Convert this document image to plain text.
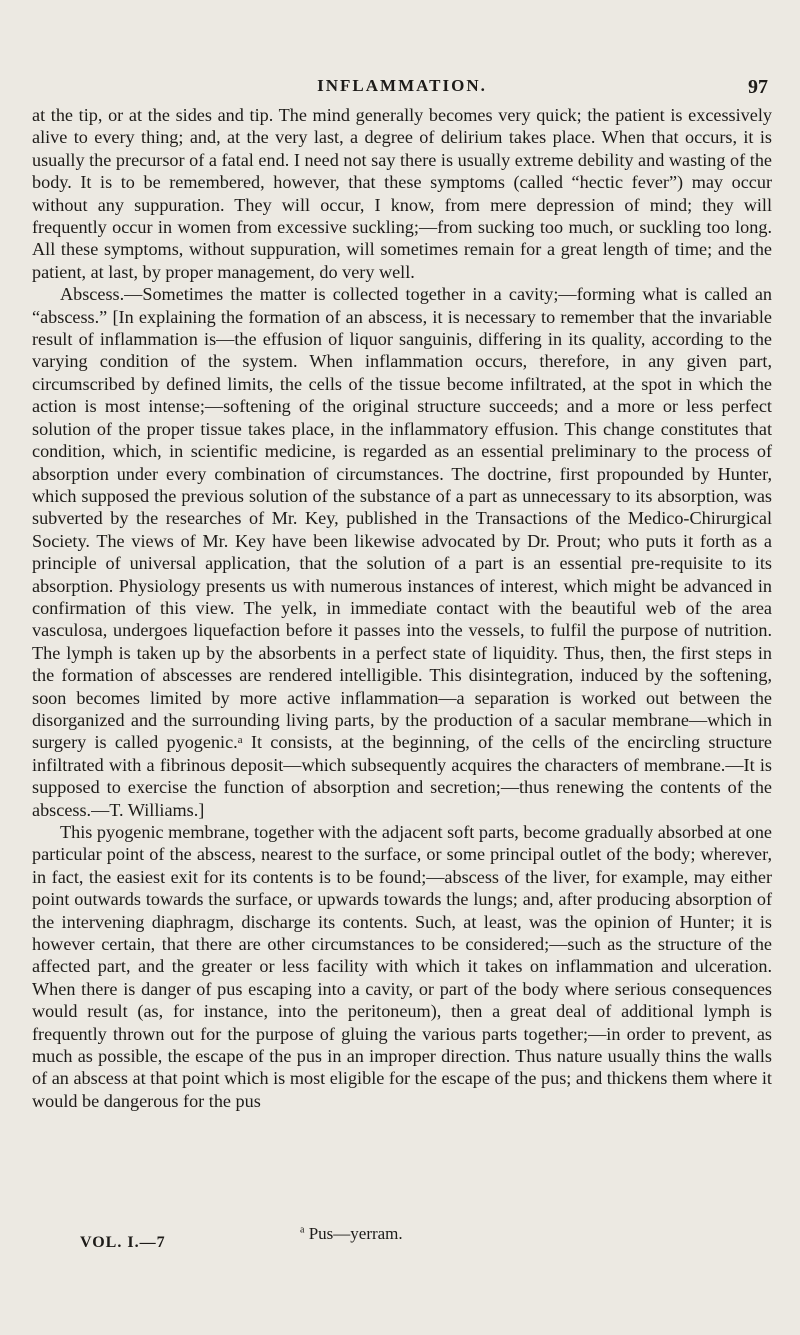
INFLAMMATION.	97

at the tip, or at the sides and tip. The mind generally becomes very quick; the patient is excessively alive to every thing; and, at the very last, a degree of delirium takes place. When that occurs, it is usually the precursor of a fatal end. I need not say there is usually extreme debility and wasting of the body. It is to be remembered, however, that these symptoms (called “hectic fever”) may occur without any suppuration. They will occur, I know, from mere depression of mind; they will frequently occur in women from excessive suckling;—from sucking too much, or suckling too long. All these symptoms, without suppuration, will sometimes remain for a great length of time; and the patient, at last, by proper management, do very well.

Abscess.—Sometimes the matter is collected together in a cavity;—forming what is called an “abscess.” [In explaining the formation of an abscess, it is necessary to remember that the invariable result of inflammation is—the effusion of liquor sanguinis, differing in its quality, according to the varying condition of the system. When inflammation occurs, therefore, in any given part, circumscribed by defined limits, the cells of the tissue become infiltrated, at the spot in which the action is most intense;—softening of the original structure succeeds; and a more or less perfect solution of the proper tissue takes place, in the inflammatory effusion. This change constitutes that condition, which, in scientific medicine, is regarded as an essential preliminary to the process of absorption under every combination of circumstances. The doctrine, first propounded by Hunter, which supposed the previous solution of the substance of a part as unnecessary to its absorption, was subverted by the researches of Mr. Key, published in the Transactions of the Medico-Chirurgical Society. The views of Mr. Key have been likewise advocated by Dr. Prout; who puts it forth as a principle of universal application, that the solution of a part is an essential pre-requisite to its absorption. Physiology presents us with numerous instances of interest, which might be advanced in confirmation of this view. The yelk, in immediate contact with the beautiful web of the area vasculosa, undergoes liquefaction before it passes into the vessels, to fulfil the purpose of nutrition. The lymph is taken up by the absorbents in a perfect state of liquidity. Thus, then, the first steps in the formation of abscesses are rendered intelligible. This disintegration, induced by the softening, soon becomes limited by more active inflammation—a separation is worked out between the disorganized and the surrounding living parts, by the production of a sacular membrane—which in surgery is called pyogenic.ᵃ It consists, at the beginning, of the cells of the encircling structure infiltrated with a fibrinous deposit—which subsequently acquires the characters of membrane.—It is supposed to exercise the function of absorption and secretion;—thus renewing the contents of the abscess.—T. Williams.]

This pyogenic membrane, together with the adjacent soft parts, become gradually absorbed at one particular point of the abscess, nearest to the surface, or some principal outlet of the body; wherever, in fact, the easiest exit for its contents is to be found;—abscess of the liver, for example, may either point outwards towards the surface, or upwards towards the lungs; and, after producing absorption of the intervening diaphragm, discharge its contents. Such, at least, was the opinion of Hunter; it is however certain, that there are other circumstances to be considered;—such as the structure of the affected part, and the greater or less facility with which it takes on inflammation and ulceration. When there is danger of pus escaping into a cavity, or part of the body where serious consequences would result (as, for instance, into the peritoneum), then a great deal of additional lymph is frequently thrown out for the purpose of gluing the various parts together;—in order to prevent, as much as possible, the escape of the pus in an improper direction. Thus nature usually thins the walls of an abscess at that point which is most eligible for the escape of the pus; and thickens them where it would be dangerous for the pus

$^a$ Pus—yerram.
VOL. I.—7
